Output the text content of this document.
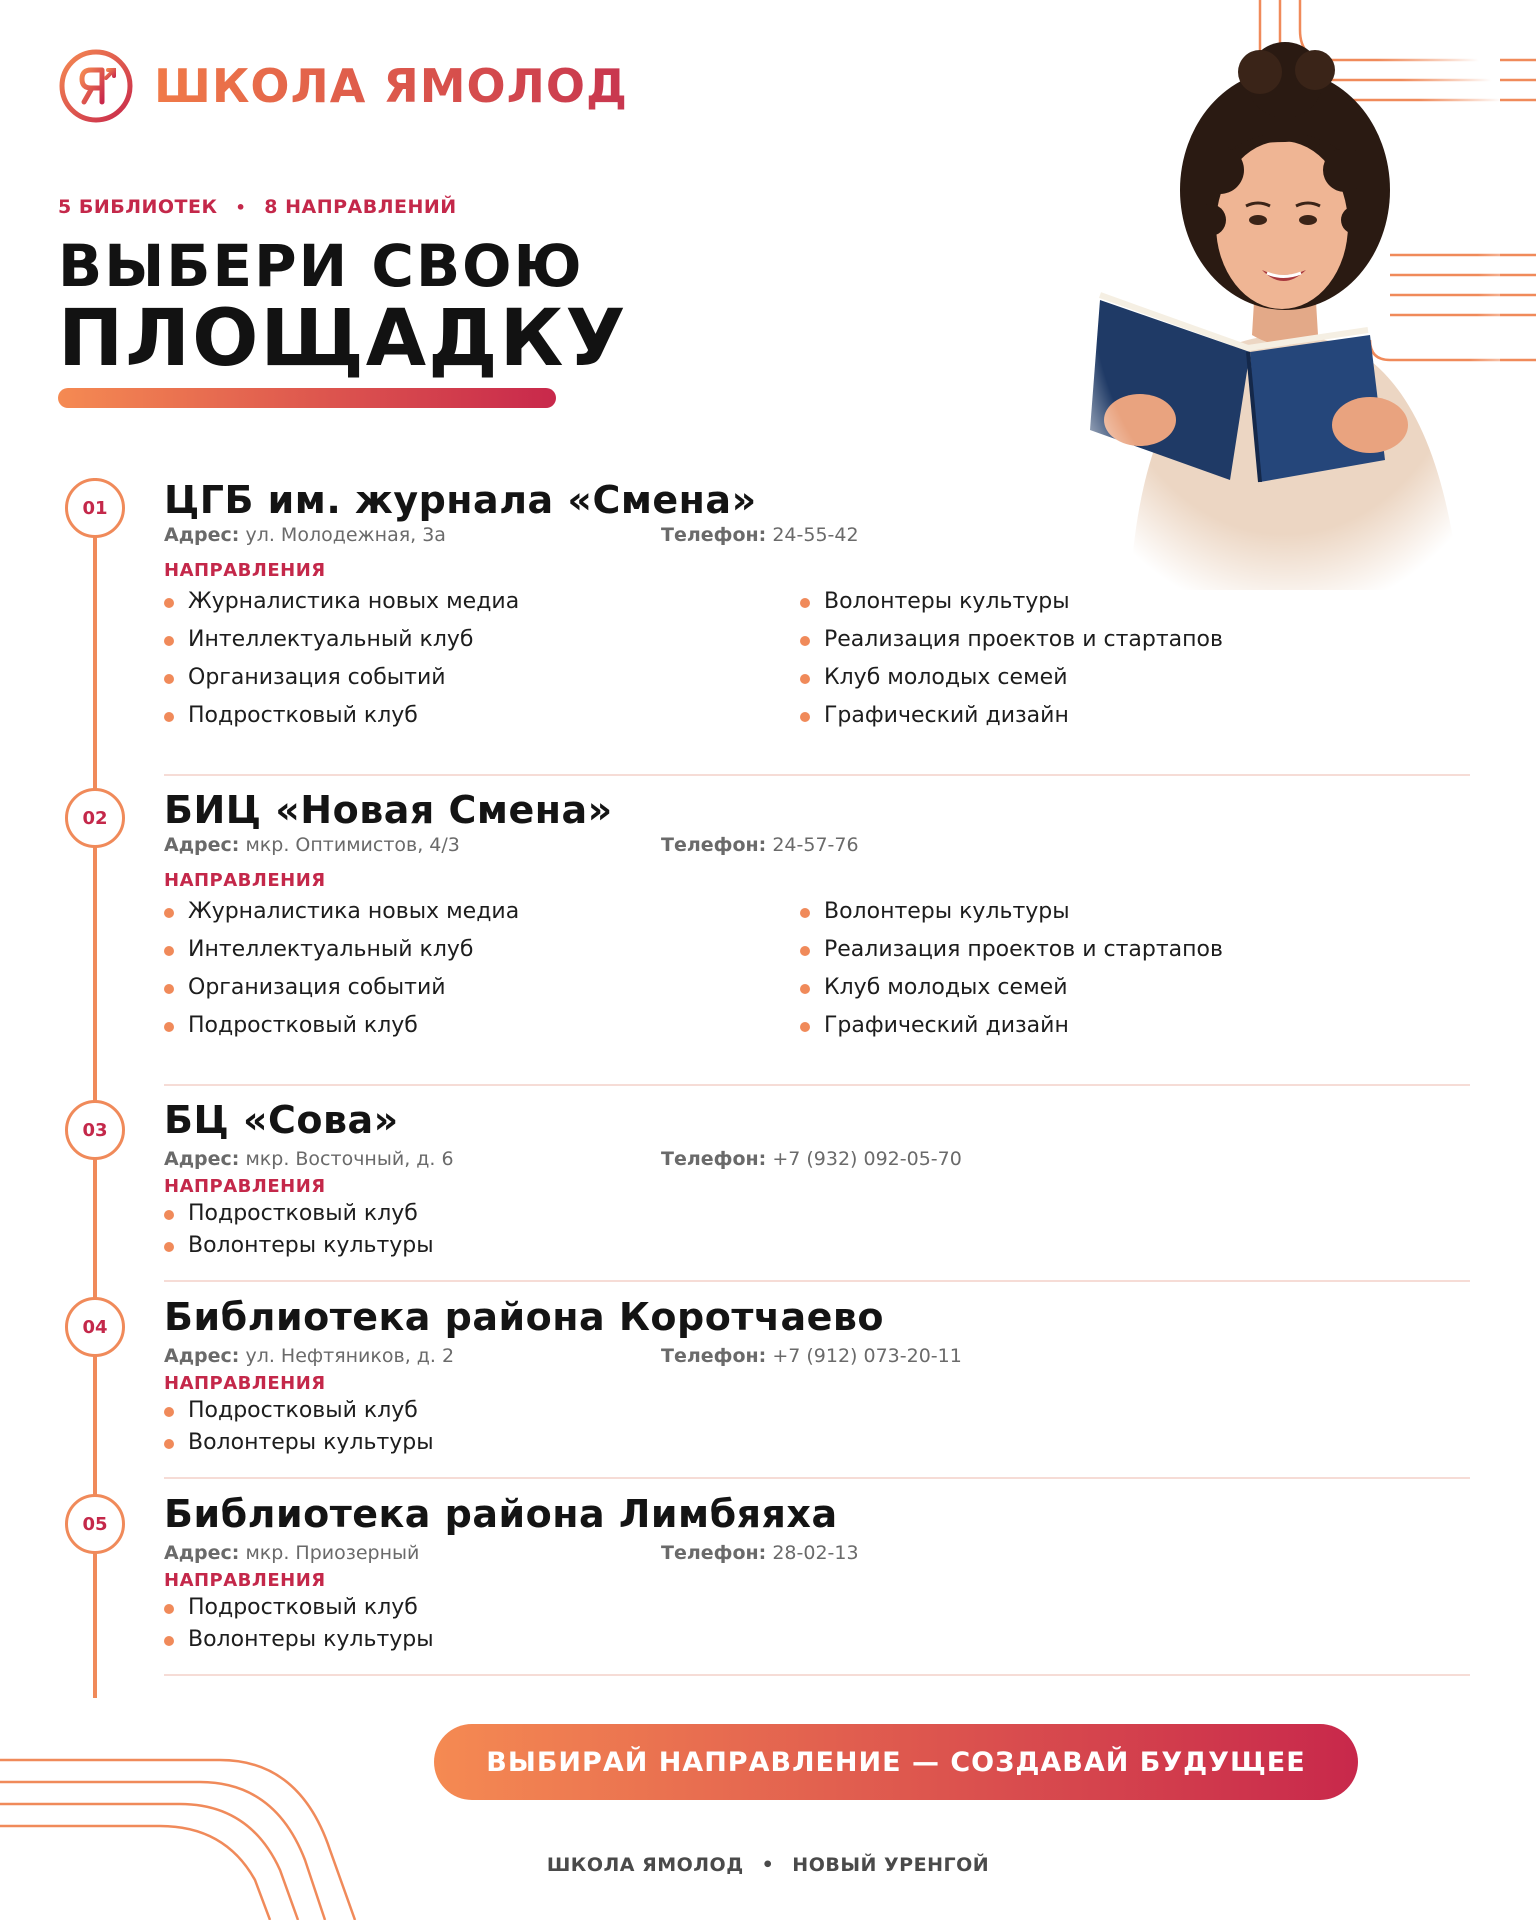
ШКОЛА ЯМОЛОД
5 БИБЛИОТЕК • 8 НАПРАВЛЕНИЙ
ВЫБЕРИ СВОЮ
ПЛОЩАДКУ
01
02
03
04
05
ЦГБ им. журнала «Смена»
Адрес: ул. Молодежная, 3а	Телефон: 24-55-42
НАПРАВЛЕНИЯ
Журналистика новых медиа
Интеллектуальный клуб
Организация событий
Подростковый клуб
Волонтеры культуры
Реализация проектов и стартапов
Клуб молодых семей
Графический дизайн
БИЦ «Новая Смена»
Адрес: мкр. Оптимистов, 4/3	Телефон: 24-57-76
НАПРАВЛЕНИЯ
Журналистика новых медиа
Интеллектуальный клуб
Организация событий
Подростковый клуб
Волонтеры культуры
Реализация проектов и стартапов
Клуб молодых семей
Графический дизайн
БЦ «Сова»
Адрес: мкр. Восточный, д. 6	Телефон: +7 (932) 092-05-70
НАПРАВЛЕНИЯ
Подростковый клуб
Волонтеры культуры
Библиотека района Коротчаево
Адрес: ул. Нефтяников, д. 2	Телефон: +7 (912) 073-20-11
НАПРАВЛЕНИЯ
Подростковый клуб
Волонтеры культуры
Библиотека района Лимбяяха
Адрес: мкр. Приозерный	Телефон: 28-02-13
НАПРАВЛЕНИЯ
Подростковый клуб
Волонтеры культуры
ВЫБИРАЙ НАПРАВЛЕНИЕ — СОЗДАВАЙ БУДУЩЕЕ
ШКОЛА ЯМОЛОД • НОВЫЙ УРЕНГОЙ
